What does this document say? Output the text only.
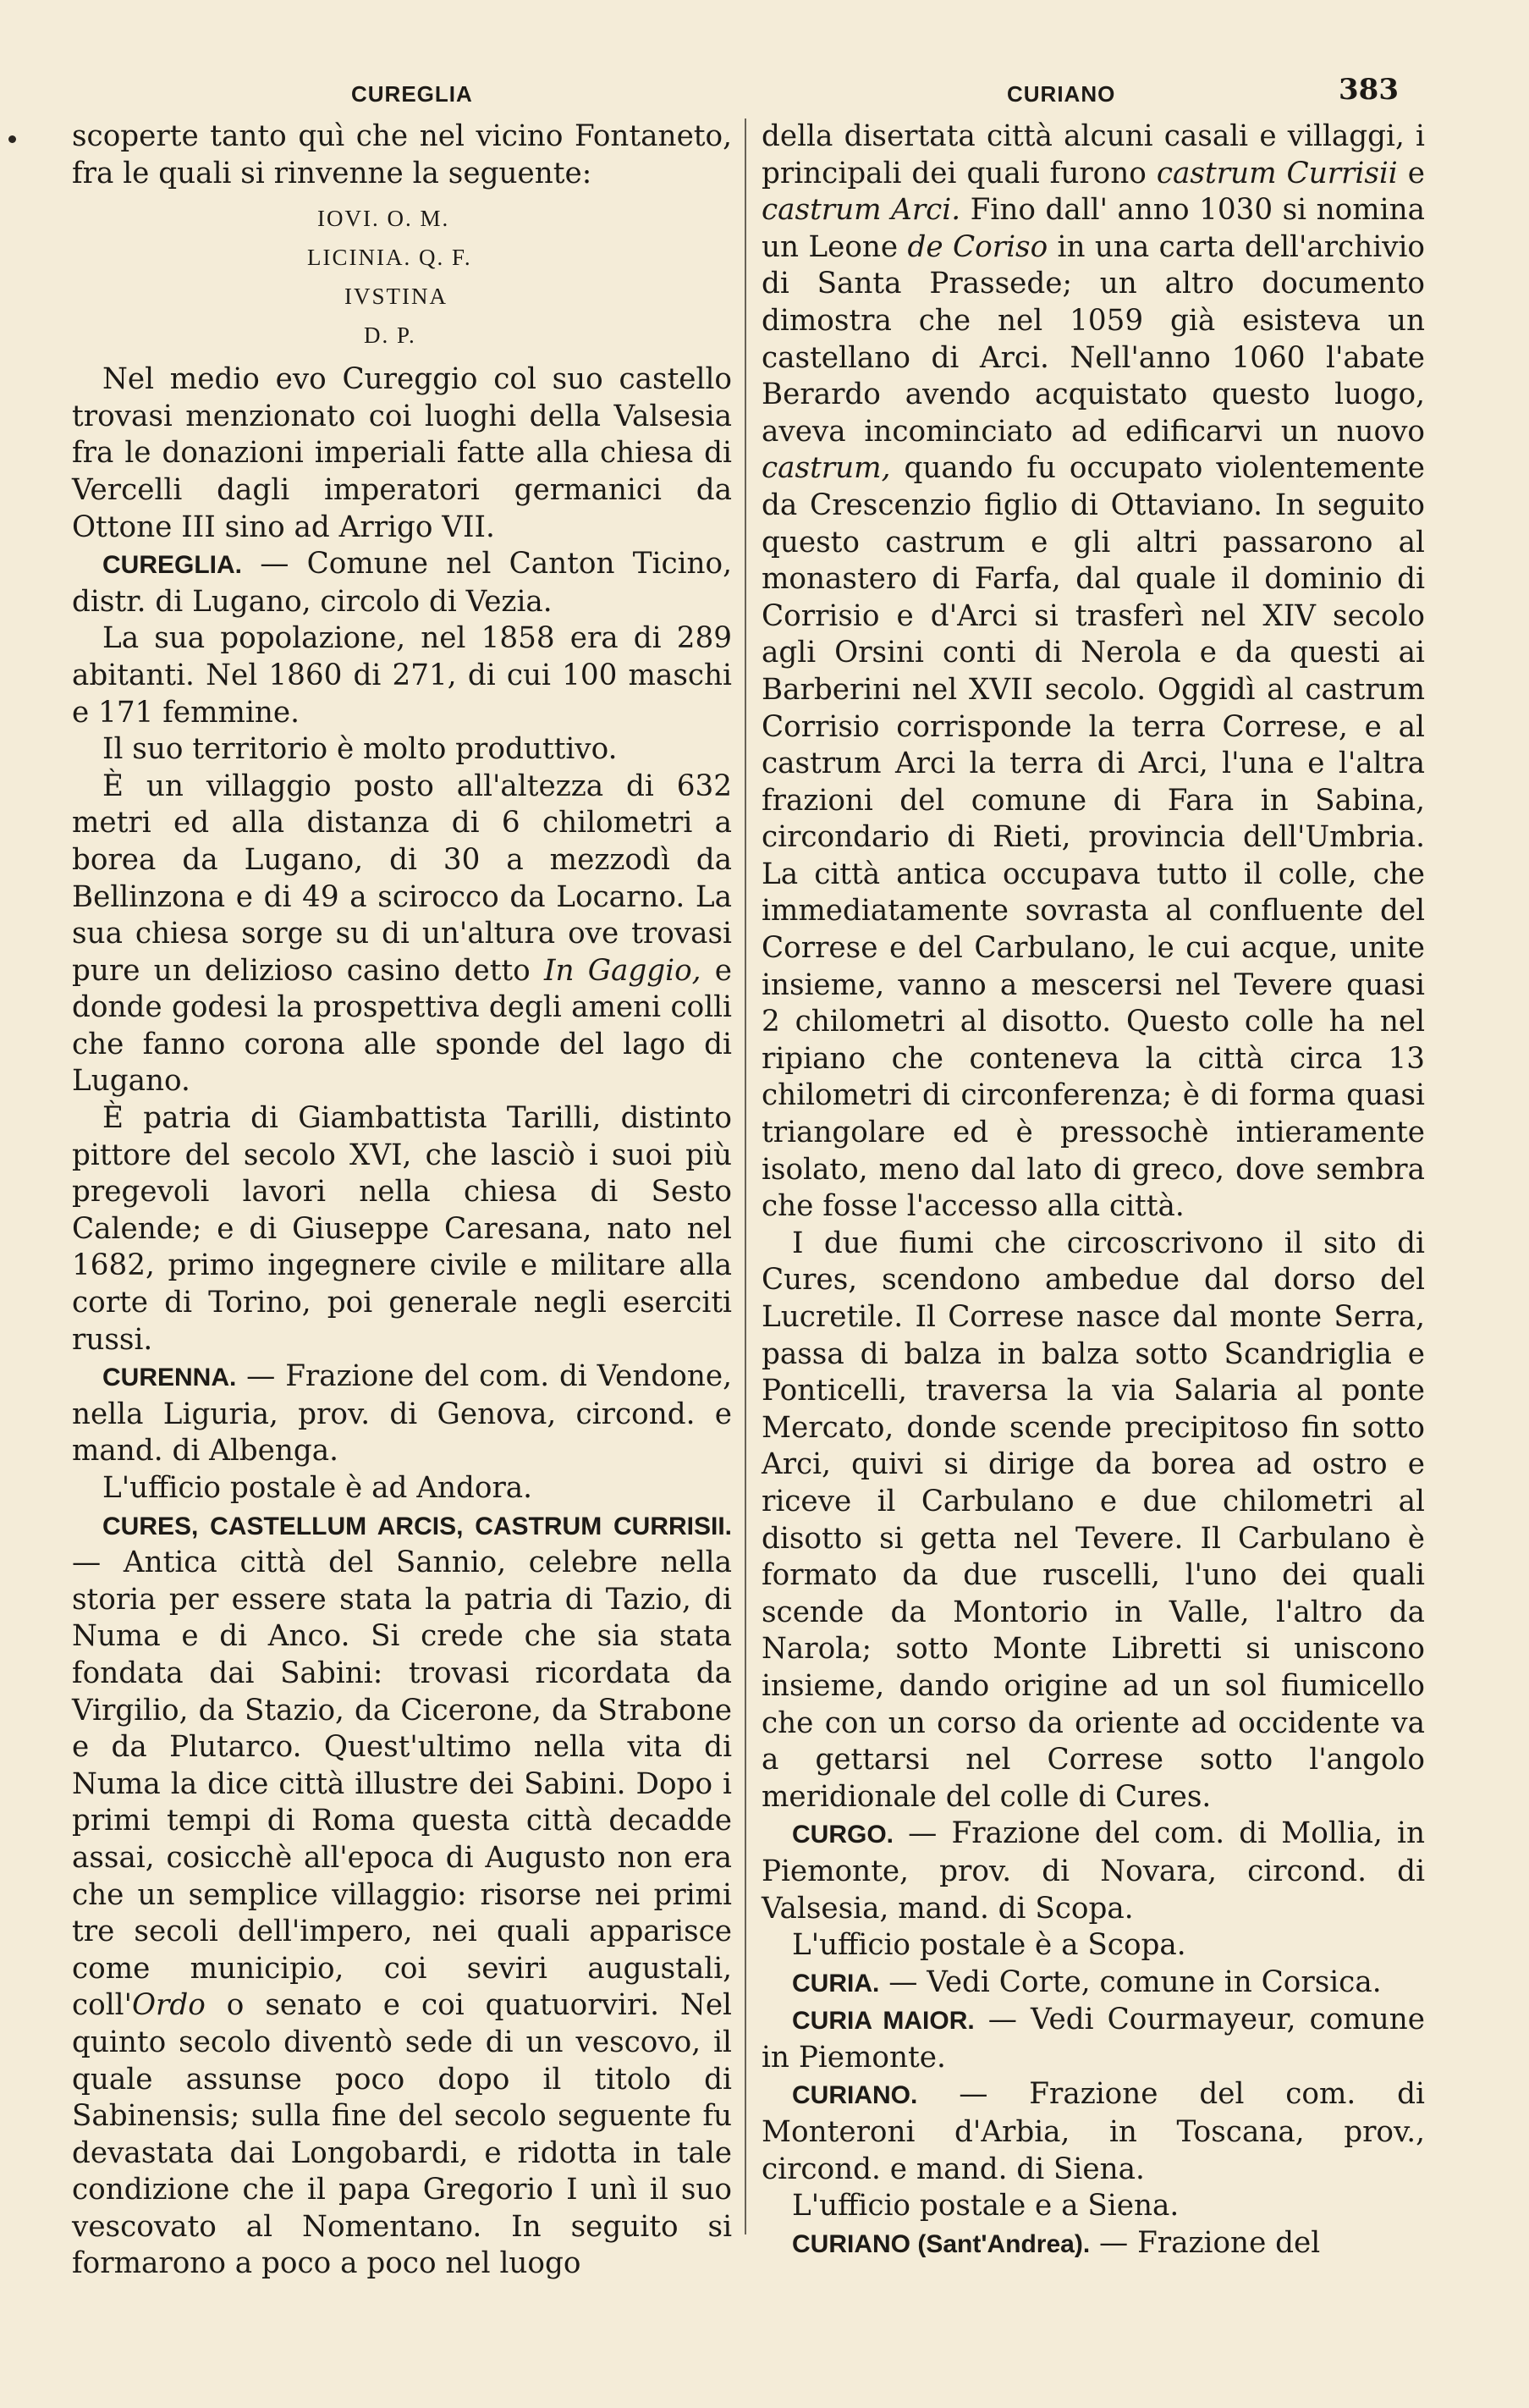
CUREGLIA	CURIANO	383

scoperte tanto quì che nel vicino Fontaneto, fra le quali si rinvenne la seguente:

IOVI. O. M.
LICINIA. Q. F.
IVSTINA
D. P.

Nel medio evo Cureggio col suo castello trovasi menzionato coi luoghi della Valsesia fra le donazioni imperiali fatte alla chiesa di Vercelli dagli imperatori germanici da Ottone III sino ad Arrigo VII.

CUREGLIA. — Comune nel Canton Ticino, distr. di Lugano, circolo di Vezia.

La sua popolazione, nel 1858 era di 289 abitanti. Nel 1860 di 271, di cui 100 maschi e 171 femmine.

Il suo territorio è molto produttivo.

È un villaggio posto all'altezza di 632 metri ed alla distanza di 6 chilometri a borea da Lugano, di 30 a mezzodì da Bellinzona e di 49 a scirocco da Locarno. La sua chiesa sorge su di un'altura ove trovasi pure un delizioso casino detto In Gaggio, e donde godesi la prospettiva degli ameni colli che fanno corona alle sponde del lago di Lugano.

È patria di Giambattista Tarilli, distinto pittore del secolo XVI, che lasciò i suoi più pregevoli lavori nella chiesa di Sesto Calende; e di Giuseppe Caresana, nato nel 1682, primo ingegnere civile e militare alla corte di Torino, poi generale negli eserciti russi.

CURENNA. — Frazione del com. di Vendone, nella Liguria, prov. di Genova, circond. e mand. di Albenga.

L'ufficio postale è ad Andora.

CURES, CASTELLUM ARCIS, CASTRUM CURRISII. — Antica città del Sannio, celebre nella storia per essere stata la patria di Tazio, di Numa e di Anco. Si crede che sia stata fondata dai Sabini: trovasi ricordata da Virgilio, da Stazio, da Cicerone, da Strabone e da Plutarco. Quest'ultimo nella vita di Numa la dice città illustre dei Sabini. Dopo i primi tempi di Roma questa città decadde assai, cosicchè all'epoca di Augusto non era che un semplice villaggio: risorse nei primi tre secoli dell'impero, nei quali apparisce come municipio, coi seviri augustali, coll'Ordo o senato e coi quatuorviri. Nel quinto secolo diventò sede di un vescovo, il quale assunse poco dopo il titolo di Sabinensis; sulla fine del secolo seguente fu devastata dai Longobardi, e ridotta in tale condizione che il papa Gregorio I unì il suo vescovato al Nomentano. In seguito si formarono a poco a poco nel luogo

della disertata città alcuni casali e villaggi, i principali dei quali furono castrum Currisii e castrum Arci. Fino dall' anno 1030 si nomina un Leone de Coriso in una carta dell'archivio di Santa Prassede; un altro documento dimostra che nel 1059 già esisteva un castellano di Arci. Nell'anno 1060 l'abate Berardo avendo acquistato questo luogo, aveva incominciato ad edificarvi un nuovo castrum, quando fu occupato violentemente da Crescenzio figlio di Ottaviano. In seguito questo castrum e gli altri passarono al monastero di Farfa, dal quale il dominio di Corrisio e d'Arci si trasferì nel XIV secolo agli Orsini conti di Nerola e da questi ai Barberini nel XVII secolo. Oggidì al castrum Corrisio corrisponde la terra Correse, e al castrum Arci la terra di Arci, l'una e l'altra frazioni del comune di Fara in Sabina, circondario di Rieti, provincia dell'Umbria. La città antica occupava tutto il colle, che immediatamente sovrasta al confluente del Correse e del Carbulano, le cui acque, unite insieme, vanno a mescersi nel Tevere quasi 2 chilometri al disotto. Questo colle ha nel ripiano che conteneva la città circa 13 chilometri di circonferenza; è di forma quasi triangolare ed è pressochè intieramente isolato, meno dal lato di greco, dove sembra che fosse l'accesso alla città.

I due fiumi che circoscrivono il sito di Cures, scendono ambedue dal dorso del Lucretile. Il Correse nasce dal monte Serra, passa di balza in balza sotto Scandriglia e Ponticelli, traversa la via Salaria al ponte Mercato, donde scende precipitoso fin sotto Arci, quivi si dirige da borea ad ostro e riceve il Carbulano e due chilometri al disotto si getta nel Tevere. Il Carbulano è formato da due ruscelli, l'uno dei quali scende da Montorio in Valle, l'altro da Narola; sotto Monte Libretti si uniscono insieme, dando origine ad un sol fiumicello che con un corso da oriente ad occidente va a gettarsi nel Correse sotto l'angolo meridionale del colle di Cures.

CURGO. — Frazione del com. di Mollia, in Piemonte, prov. di Novara, circond. di Valsesia, mand. di Scopa.

L'ufficio postale è a Scopa.

CURIA. — Vedi Corte, comune in Corsica.

CURIA MAIOR. — Vedi Courmayeur, comune in Piemonte.

CURIANO. — Frazione del com. di Monteroni d'Arbia, in Toscana, prov., circond. e mand. di Siena.

L'ufficio postale e a Siena.

CURIANO (Sant'Andrea). — Frazione del
